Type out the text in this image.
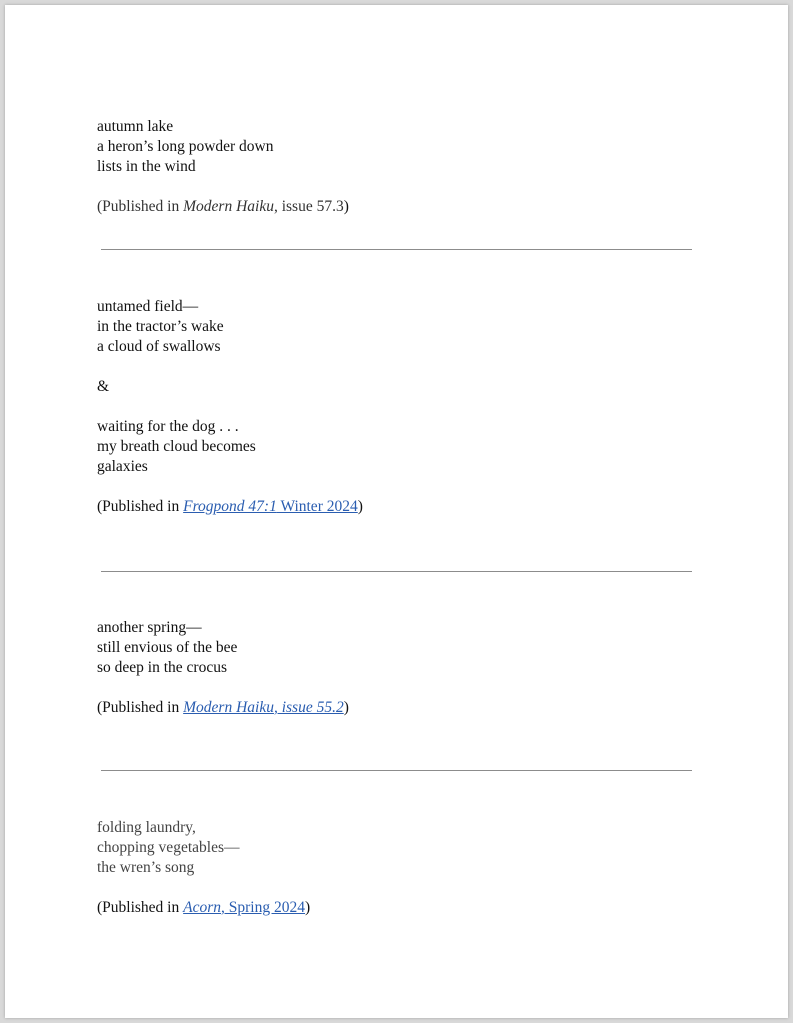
autumn lake
a heron’s long powder down
lists in the wind
(Published in Modern Haiku, issue 57.3)
untamed field—
in the tractor’s wake
a cloud of swallows
&
waiting for the dog . . .
my breath cloud becomes
galaxies
(Published in Frogpond 47:1 Winter 2024)
another spring—
still envious of the bee
so deep in the crocus
(Published in Modern Haiku, issue 55.2)
folding laundry,
chopping vegetables—
the wren’s song
(Published in Acorn, Spring 2024)
